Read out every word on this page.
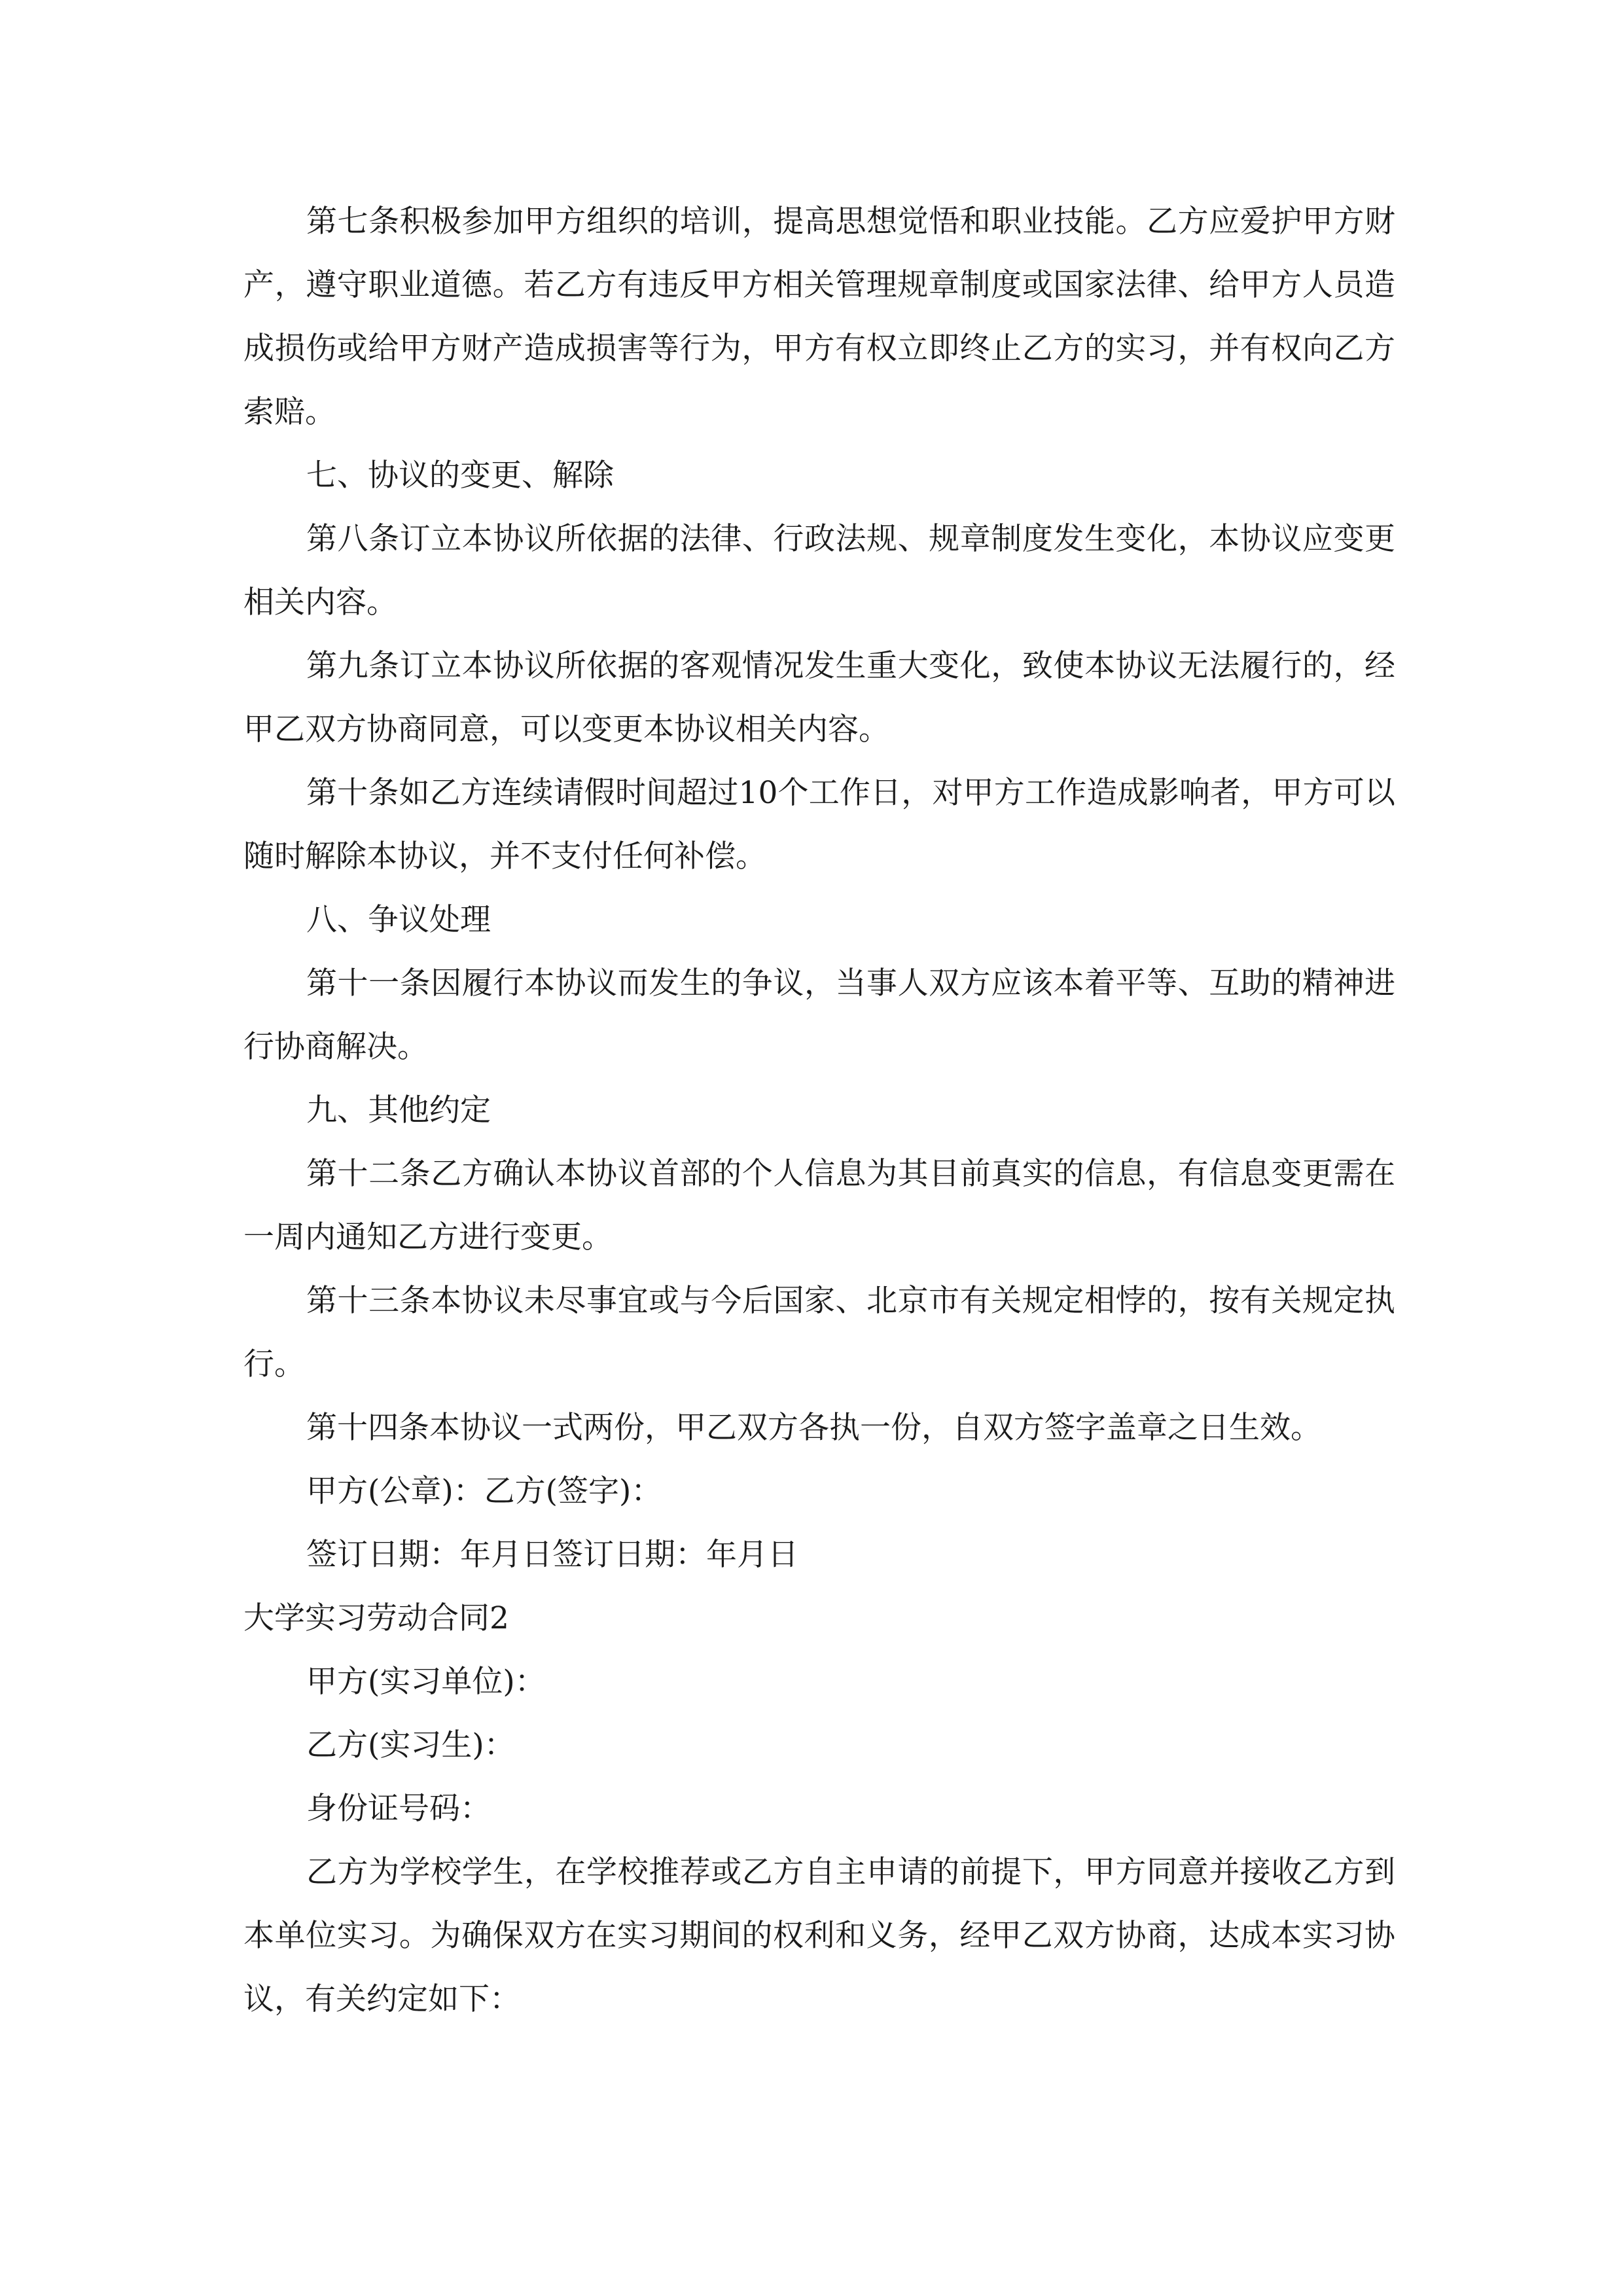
第七条积极参加甲方组织的培训，提高思想觉悟和职业技能。乙方应爱护甲方财产，遵守职业道德。若乙方有违反甲方相关管理规章制度或国家法律、给甲方人员造成损伤或给甲方财产造成损害等行为，甲方有权立即终止乙方的实习，并有权向乙方索赔。

七、协议的变更、解除

第八条订立本协议所依据的法律、行政法规、规章制度发生变化，本协议应变更相关内容。

第九条订立本协议所依据的客观情况发生重大变化，致使本协议无法履行的，经甲乙双方协商同意，可以变更本协议相关内容。

第十条如乙方连续请假时间超过10个工作日，对甲方工作造成影响者，甲方可以随时解除本协议，并不支付任何补偿。

八、争议处理

第十一条因履行本协议而发生的争议，当事人双方应该本着平等、互助的精神进行协商解决。

九、其他约定

第十二条乙方确认本协议首部的个人信息为其目前真实的信息，有信息变更需在一周内通知乙方进行变更。

第十三条本协议未尽事宜或与今后国家、北京市有关规定相悖的，按有关规定执行。

第十四条本协议一式两份，甲乙双方各执一份，自双方签字盖章之日生效。

甲方(公章)：乙方(签字)：

签订日期：年月日签订日期：年月日

大学实习劳动合同2

甲方(实习单位)：

乙方(实习生)：

身份证号码：

乙方为学校学生，在学校推荐或乙方自主申请的前提下，甲方同意并接收乙方到本单位实习。为确保双方在实习期间的权利和义务，经甲乙双方协商，达成本实习协议，有关约定如下：
